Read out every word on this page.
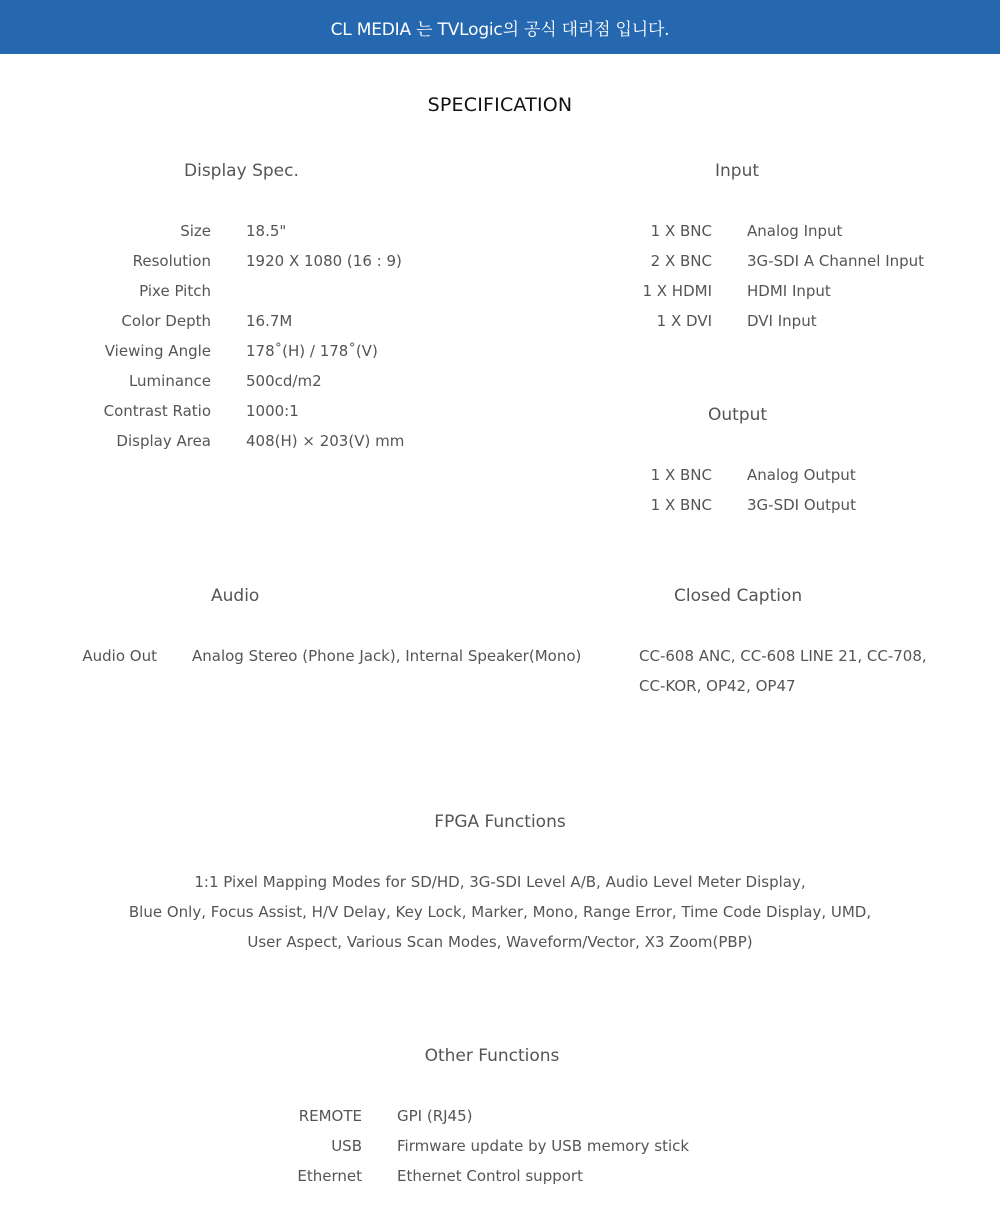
CL MEDIA 는 TVLogic의 공식 대리점 입니다.
SPECIFICATION
Display Spec.
Size 18.5"
Resolution 1920 X 1080 (16 : 9)
Pixe Pitch
Color Depth 16.7M
Viewing Angle 178˚(H) / 178˚(V)
Luminance 500cd/m2
Contrast Ratio 1000:1
Display Area 408(H) × 203(V) mm
Input
1 X BNC Analog Input
2 X BNC 3G-SDI A Channel Input
1 X HDMI HDMI Input
1 X DVI DVI Input
Output
1 X BNC Analog Output
1 X BNC 3G-SDI Output
Audio
Audio Out Analog Stereo (Phone Jack), Internal Speaker(Mono)
Closed Caption
CC-608 ANC, CC-608 LINE 21, CC-708,
CC-KOR, OP42, OP47
FPGA Functions
1:1 Pixel Mapping Modes for SD/HD, 3G-SDI Level A/B, Audio Level Meter Display,
Blue Only, Focus Assist, H/V Delay, Key Lock, Marker, Mono, Range Error, Time Code Display, UMD,
User Aspect, Various Scan Modes, Waveform/Vector, X3 Zoom(PBP)
Other Functions
REMOTE GPI (RJ45)
USB Firmware update by USB memory stick
Ethernet Ethernet Control support
